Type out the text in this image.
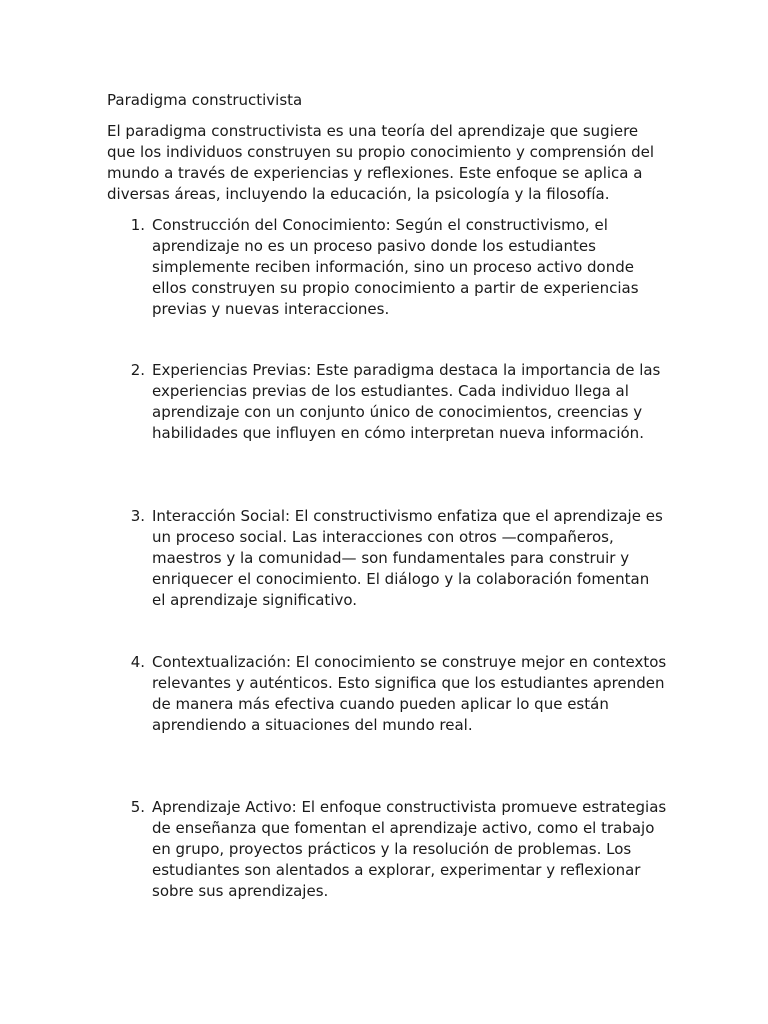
Paradigma constructivista
El paradigma constructivista es una teoría del aprendizaje que sugiere que los individuos construyen su propio conocimiento y comprensión del mundo a través de experiencias y reflexiones. Este enfoque se aplica a diversas áreas, incluyendo la educación, la psicología y la filosofía.
1. Construcción del Conocimiento: Según el constructivismo, el aprendizaje no es un proceso pasivo donde los estudiantes simplemente reciben información, sino un proceso activo donde ellos construyen su propio conocimiento a partir de experiencias previas y nuevas interacciones.
2. Experiencias Previas: Este paradigma destaca la importancia de las experiencias previas de los estudiantes. Cada individuo llega al aprendizaje con un conjunto único de conocimientos, creencias y habilidades que influyen en cómo interpretan nueva información.
3. Interacción Social: El constructivismo enfatiza que el aprendizaje es un proceso social. Las interacciones con otros —compañeros, maestros y la comunidad— son fundamentales para construir y enriquecer el conocimiento. El diálogo y la colaboración fomentan el aprendizaje significativo.
4. Contextualización: El conocimiento se construye mejor en contextos relevantes y auténticos. Esto significa que los estudiantes aprenden de manera más efectiva cuando pueden aplicar lo que están aprendiendo a situaciones del mundo real.
5. Aprendizaje Activo: El enfoque constructivista promueve estrategias de enseñanza que fomentan el aprendizaje activo, como el trabajo en grupo, proyectos prácticos y la resolución de problemas. Los estudiantes son alentados a explorar, experimentar y reflexionar sobre sus aprendizajes.
